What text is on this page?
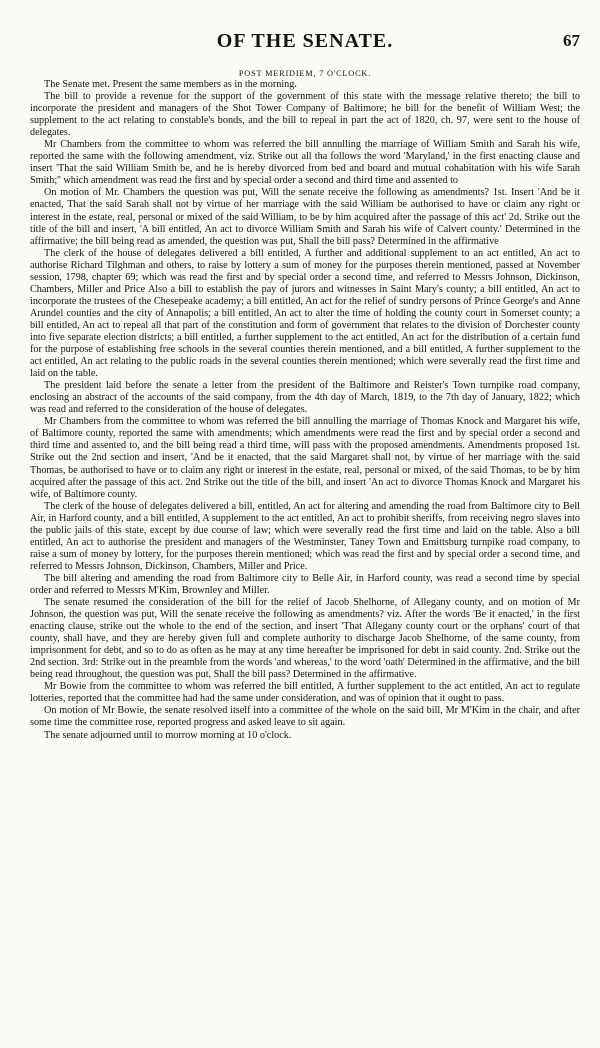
OF THE SENATE.	67
POST MERIDIEM, 7 O'CLOCK.

The Senate met. Present the same members as in the morning.

The bill to provide a revenue for the support of the government of this state with the message relative thereto; the bill to incorporate the president and managers of the Shot Tower Company of Baltimore; he bill for the benefit of William West; the supplement to the act relating to constable's bonds, and the bill to repeal in part the act of 1820, ch. 97, were sent to the house of delegates.

Mr Chambers from the committee to whom was referred the bill annulling the marriage of William Smith and Sarah his wife, reported the same with the following amendment, viz. Strike out all tha follows the word 'Maryland,' in the first enacting clause and insert 'That the said William Smith be, and he is hereby divorced from bed and board and mutual cohabitation with his wife Sarah Smith;'' which amendment was read the first and by special order a second and third time and assented to

On motion of Mr. Chambers the question was put, Will the senate receive the following as amendments? 1st. Insert 'And be it enacted, That the said Sarah shall not by virtue of her marriage with the said William be authorised to have or claim any right or interest in the estate, real, personal or mixed of the said William, to be by him acquired after the passage of this act' 2d. Strike out the title of the bill and insert, 'A bill entitled, An act to divorce William Smith and Sarah his wife of Calvert county.' Determined in the affirmative; the bill being read as amended, the question was put, Shall the bill pass? Determined in the affirmative

The clerk of the house of delegates delivered a bill entitled, A further and additional supplement to an act entitled, An act to authorise Richard Tilghman and others, to raise by lottery a sum of money for the purposes therein mentioned, passed at November session, 1798, chapter 69; which was read the first and by special order a second time, and referred to Messrs Johnson, Dickinson, Chambers, Miller and Price Also a bill to establish the pay of jurors and witnesses in Saint Mary's county; a bill entitled, An act to incorporate the trustees of the Chesepeake academy; a bill entitled, An act for the relief of sundry persons of Prince George's and Anne Arundel counties and the city of Annapolis; a bill entitled, An act to alter the time of holding the county court in Somerset county; a bill entitled, An act to repeal all that part of the constitution and form of government that relates to the division of Dorchester county into five separate election districts; a bill entitled, a further supplement to the act entitled, An act for the distribution of a certain fund for the purpose of establishing free schools in the several counties therein mentioned, and a bill entitled, A further supplement to the act entitled, An act relating to the public roads in the several counties therein mentioned; which were severally read the first time and laid on the table.

The president laid before the senate a letter from the president of the Baltimore and Reister's Town turnpike road company, enclosing an abstract of the accounts of the said company, from the 4th day of March, 1819, to the 7th day of January, 1822; which was read and referred to the consideration of the house of delegates.

Mr Chambers from the committee to whom was referred the bill annulling the marriage of Thomas Knock and Margaret his wife, of Baltimore county, reported the same with amendments; which amendments were read the first and by special order a second and third time and assented to, and the bill being read a third time, will pass with the proposed amendments. Amendments proposed 1st. Strike out the 2nd section and insert, 'And be it enacted, that the said Margaret shall not, by virtue of her marriage with the said Thomas, be authorised to have or to claim any right or interest in the estate, real, personal or mixed, of the said Thomas, to be by him acquired after the passage of this act. 2nd Strike out the title of the bill, and insert 'An act to divorce Thomas Knock and Margaret his wife, of Baltimore county.

The clerk of the house of delegates delivered a bill, entitled, An act for altering and amending the road from Baltimore city to Bell Air, in Harford county, and a bill entitled, A supplement to the act entitled, An act to prohibit sheriffs, from receiving negro slaves into the public jails of this state, except by due course of law; which were severally read the first time and laid on the table. Also a bill entitled, An act to authorise the president and managers of the Westminster, Taney Town and Emittsburg turnpike road company, to raise a sum of money by lottery, for the purposes therein mentioned; which was read the first and by special order a second time, and referred to Messrs Johnson, Dickinson, Chambers, Miller and Price.

The bill altering and amending the road from Baltimore city to Belle Air, in Harford county, was read a second time by special order and referred to Messrs M'Kim, Brownley and Miller.

The senate resumed the consideration of the bill for the relief of Jacob Shelhorne, of Allegany county, and on motion of Mr Johnson, the question was put, Will the senate receive the following as amendments? viz. After the words 'Be it enacted,' in the first enacting clause, strike out the whole to the end of the section, and insert 'That Allegany county court or the orphans' court of that county, shall have, and they are hereby given full and complete authority to discharge Jacob Shelhorne, of the same county, from imprisonment for debt, and so to do as often as he may at any time hereafter be imprisoned for debt in said county. 2nd. Strike out the 2nd section. 3rd: Strike out in the preamble from the words 'and whereas,' to the word 'oath' Determined in the affirmative, and the bill being read throughout, the question was put, Shall the bill pass? Determined in the affirmative.

Mr Bowie from the committee to whom was referred the bill entitled, A further supplement to the act entitled, An act to regulate lotteries, reported that the committee had had the same under consideration, and was of opinion that it ought to pass.

On motion of Mr Bowie, the senate resolved itself into a committee of the whole on the said bill, Mr M'Kim in the chair, and after some time the committee rose, reported progress and asked leave to sit again.

The senate adjourned until to morrow morning at 10 o'clock.
